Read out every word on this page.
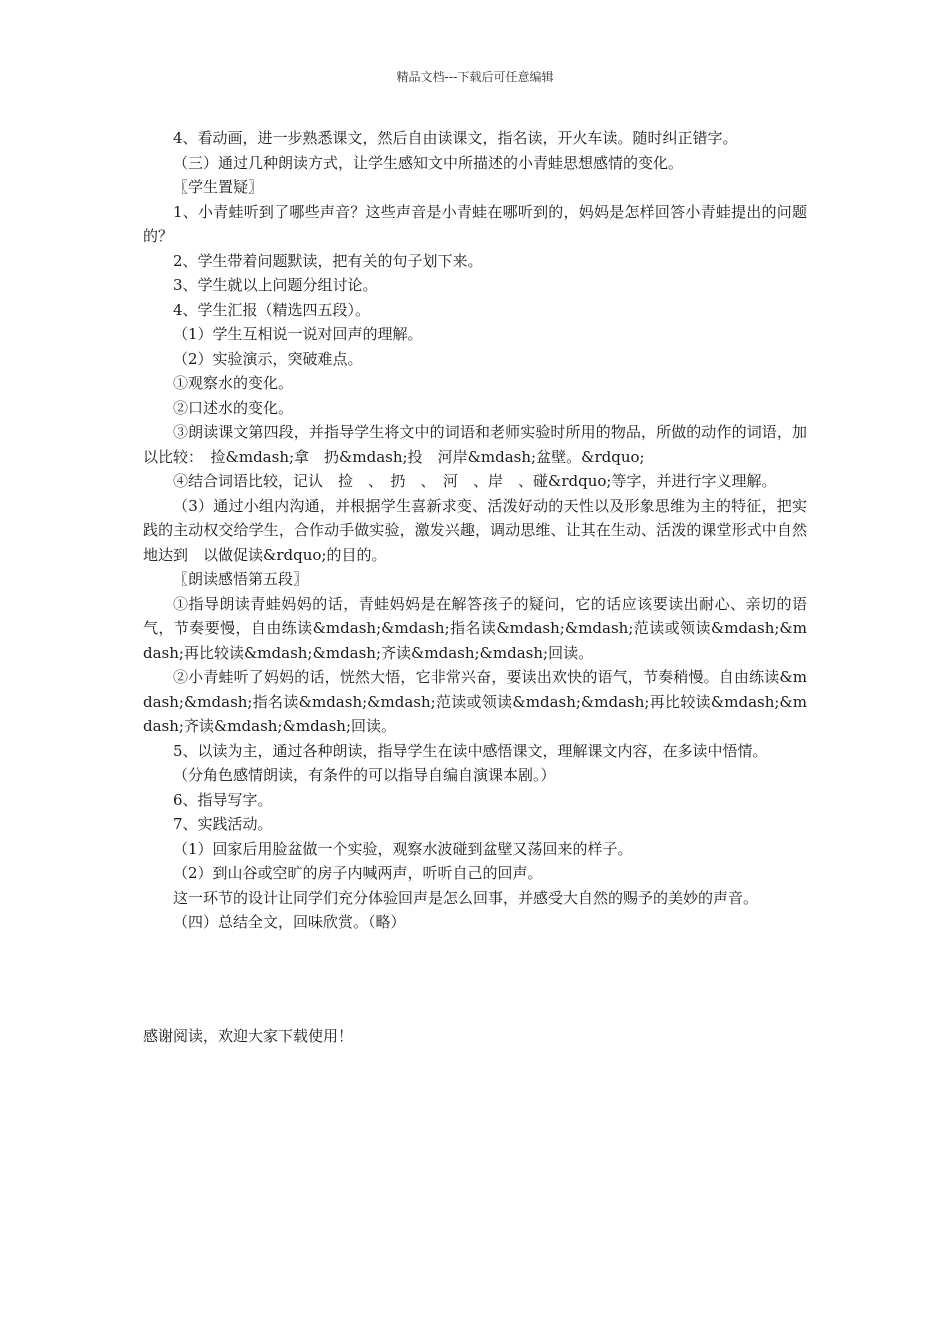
精品文档---下载后可任意编辑

4、看动画，进一步熟悉课文，然后自由读课文，指名读，开火车读。随时纠正错字。

（三）通过几种朗读方式，让学生感知文中所描述的小青蛙思想感情的变化。

〖学生置疑〗

1、小青蛙听到了哪些声音？这些声音是小青蛙在哪听到的，妈妈是怎样回答小青蛙提出的问题的？

2、学生带着问题默读，把有关的句子划下来。

3、学生就以上问题分组讨论。

4、学生汇报（精选四五段）。

（1）学生互相说一说对回声的理解。

（2）实验演示，突破难点。

①观察水的变化。

②口述水的变化。

③朗读课文第四段，并指导学生将文中的词语和老师实验时所用的物品，所做的动作的词语，加以比较：　捡&mdash;拿　扔&mdash;投　河岸&mdash;盆壁。&rdquo;

④结合词语比较，记认　捡　、　扔　、　河　、岸　、碰&rdquo;等字，并进行字义理解。

（3）通过小组内沟通，并根据学生喜新求变、活泼好动的天性以及形象思维为主的特征，把实践的主动权交给学生，合作动手做实验，激发兴趣，调动思维、让其在生动、活泼的课堂形式中自然地达到　以做促读&rdquo;的目的。

〖朗读感悟第五段〗

①指导朗读青蛙妈妈的话，青蛙妈妈是在解答孩子的疑问，它的话应该要读出耐心、亲切的语气，节奏要慢，自由练读&mdash;&mdash;指名读&mdash;&mdash;范读或领读&mdash;&mdash;再比较读&mdash;&mdash;齐读&mdash;&mdash;回读。

②小青蛙听了妈妈的话，恍然大悟，它非常兴奋，要读出欢快的语气，节奏稍慢。自由练读&mdash;&mdash;指名读&mdash;&mdash;范读或领读&mdash;&mdash;再比较读&mdash;&mdash;齐读&mdash;&mdash;回读。

5、以读为主，通过各种朗读，指导学生在读中感悟课文，理解课文内容，在多读中悟情。

（分角色感情朗读，有条件的可以指导自编自演课本剧。）

6、指导写字。

7、实践活动。

（1）回家后用脸盆做一个实验，观察水波碰到盆壁又荡回来的样子。

（2）到山谷或空旷的房子内喊两声，听听自己的回声。

这一环节的设计让同学们充分体验回声是怎么回事，并感受大自然的赐予的美妙的声音。

（四）总结全文，回味欣赏。（略）

感谢阅读，欢迎大家下载使用！
